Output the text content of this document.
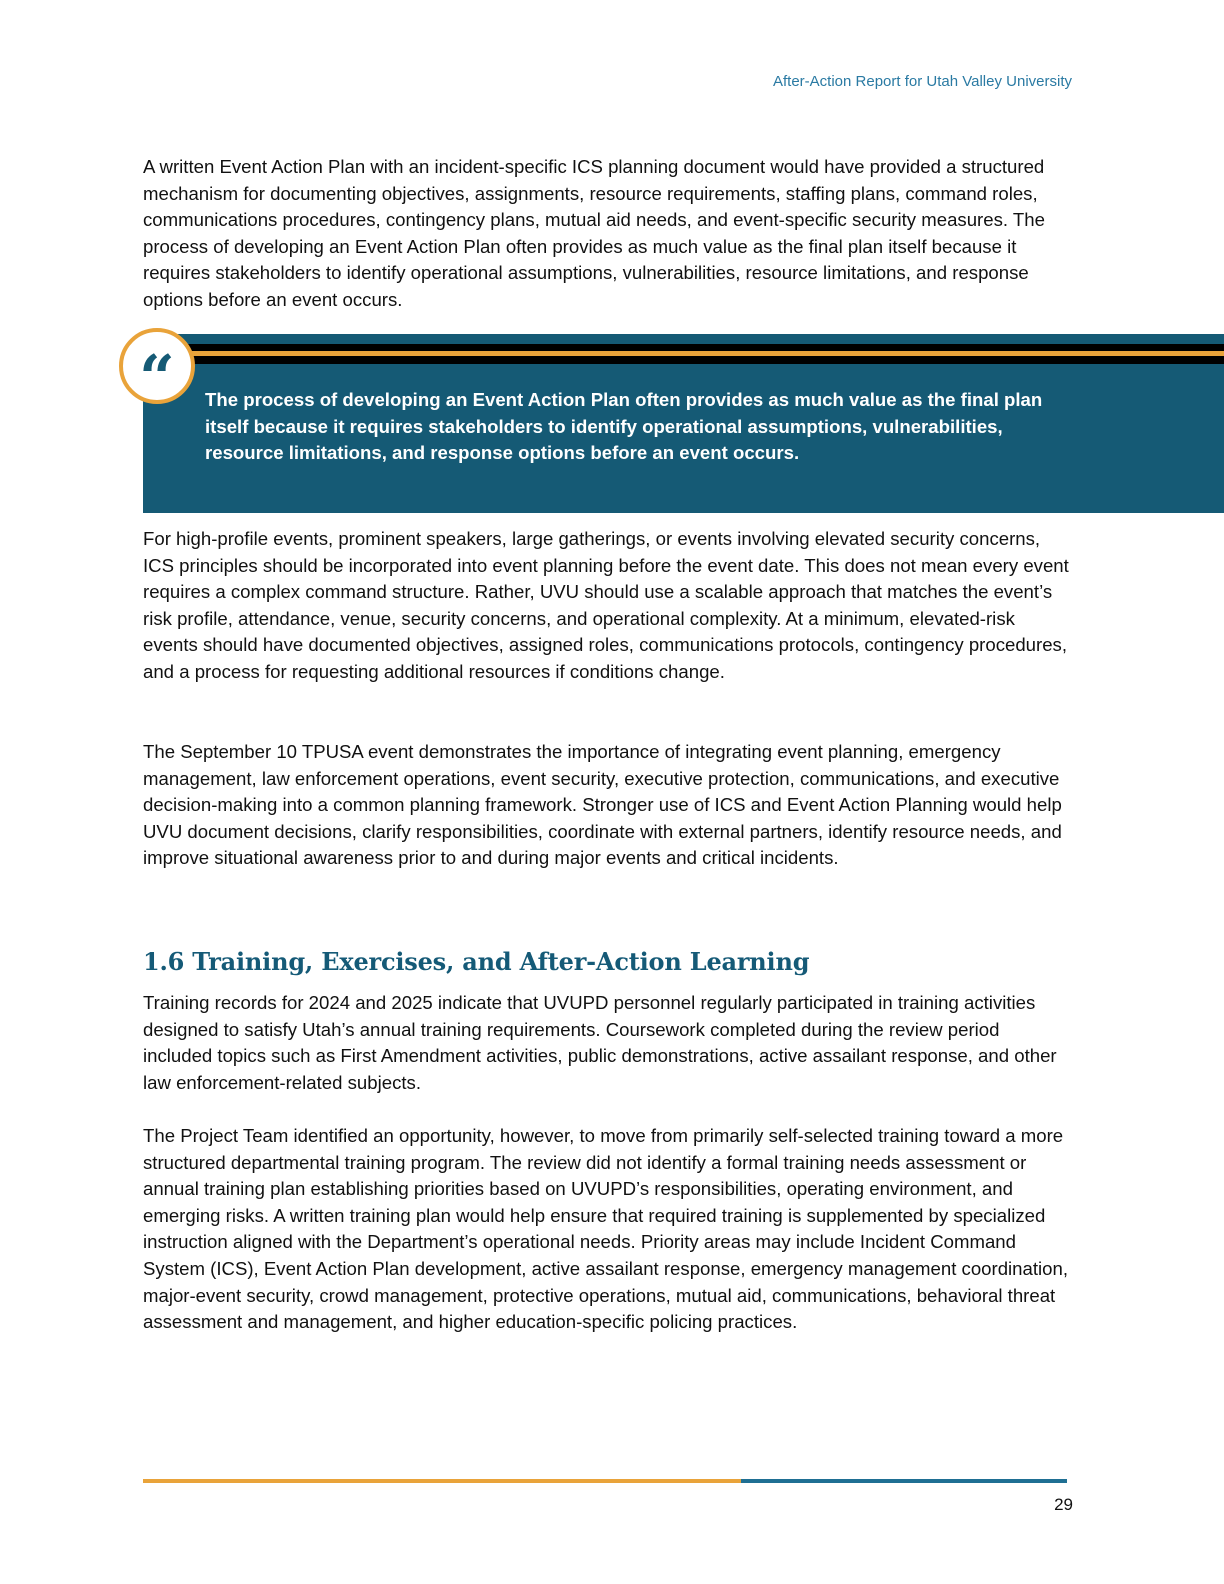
After-Action Report for Utah Valley University

A written Event Action Plan with an incident-specific ICS planning document would have provided a structured mechanism for documenting objectives, assignments, resource requirements, staffing plans, command roles, communications procedures, contingency plans, mutual aid needs, and event-specific security measures. The process of developing an Event Action Plan often provides as much value as the final plan itself because it requires stakeholders to identify operational assumptions, vulnerabilities, resource limitations, and response options before an event occurs.

“	The process of developing an Event Action Plan often provides as much value as the final plan itself because it requires stakeholders to identify operational assumptions, vulnerabilities, resource limitations, and response options before an event occurs.

For high-profile events, prominent speakers, large gatherings, or events involving elevated security concerns, ICS principles should be incorporated into event planning before the event date. This does not mean every event requires a complex command structure. Rather, UVU should use a scalable approach that matches the event’s risk profile, attendance, venue, security concerns, and operational complexity. At a minimum, elevated-risk events should have documented objectives, assigned roles, communications protocols, contingency procedures, and a process for requesting additional resources if conditions change.

The September 10 TPUSA event demonstrates the importance of integrating event planning, emergency management, law enforcement operations, event security, executive protection, communications, and executive decision-making into a common planning framework. Stronger use of ICS and Event Action Planning would help UVU document decisions, clarify responsibilities, coordinate with external partners, identify resource needs, and improve situational awareness prior to and during major events and critical incidents.

1.6 Training, Exercises, and After-Action Learning

Training records for 2024 and 2025 indicate that UVUPD personnel regularly participated in training activities designed to satisfy Utah’s annual training requirements. Coursework completed during the review period included topics such as First Amendment activities, public demonstrations, active assailant response, and other law enforcement-related subjects.

The Project Team identified an opportunity, however, to move from primarily self-selected training toward a more structured departmental training program. The review did not identify a formal training needs assessment or annual training plan establishing priorities based on UVUPD’s responsibilities, operating environment, and emerging risks. A written training plan would help ensure that required training is supplemented by specialized instruction aligned with the Department’s operational needs. Priority areas may include Incident Command System (ICS), Event Action Plan development, active assailant response, emergency management coordination, major-event security, crowd management, protective operations, mutual aid, communications, behavioral threat assessment and management, and higher education-specific policing practices.

29
